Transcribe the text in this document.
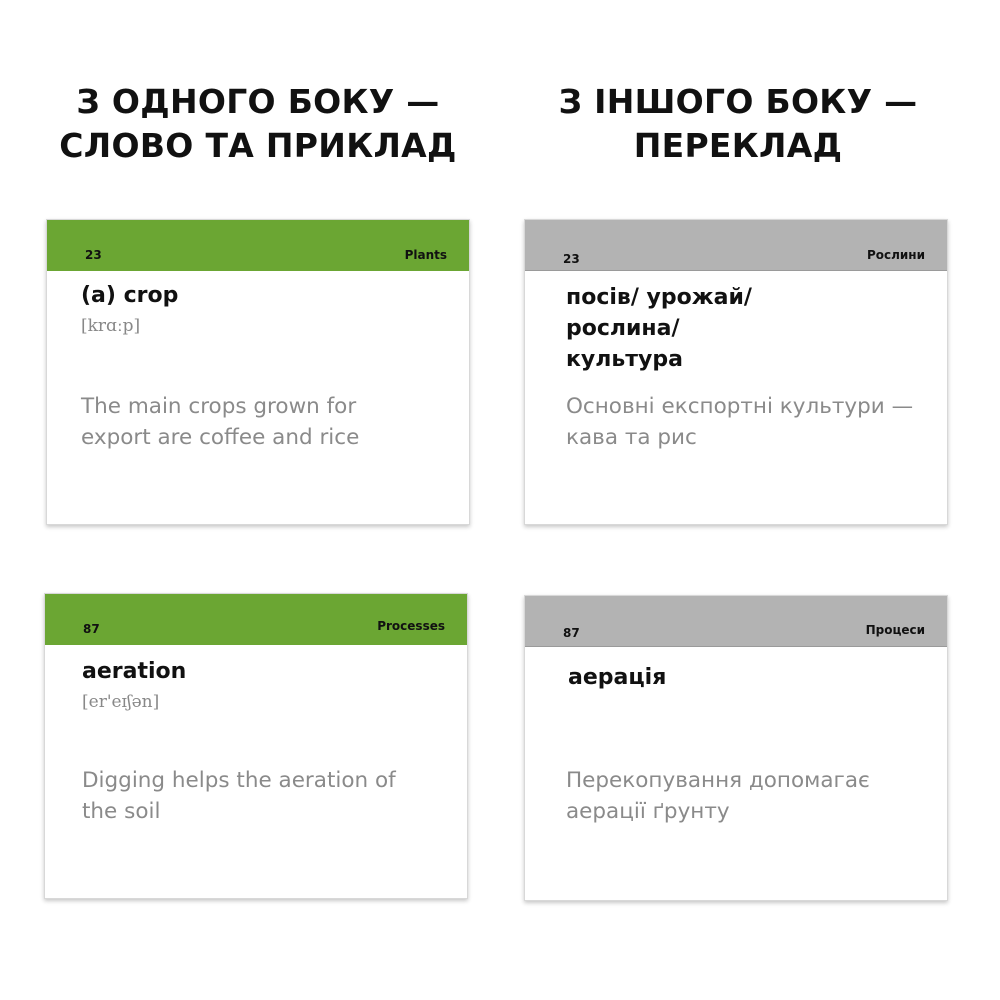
З ОДНОГО БОКУ —
СЛОВО ТА ПРИКЛАД
З ІНШОГО БОКУ —
ПЕРЕКЛАД
23	Plants
(a) crop
[krɑːp]
The main crops grown for export are coffee and rice
23	Рослини
посів/ урожай/ рослина/ культура
Основні експортні культури — кава та рис
87	Processes
aeration
[er'eɪʃən]
Digging helps the aeration of the soil
87	Процеси
аерація
Перекопування допомагає аерації ґрунту
